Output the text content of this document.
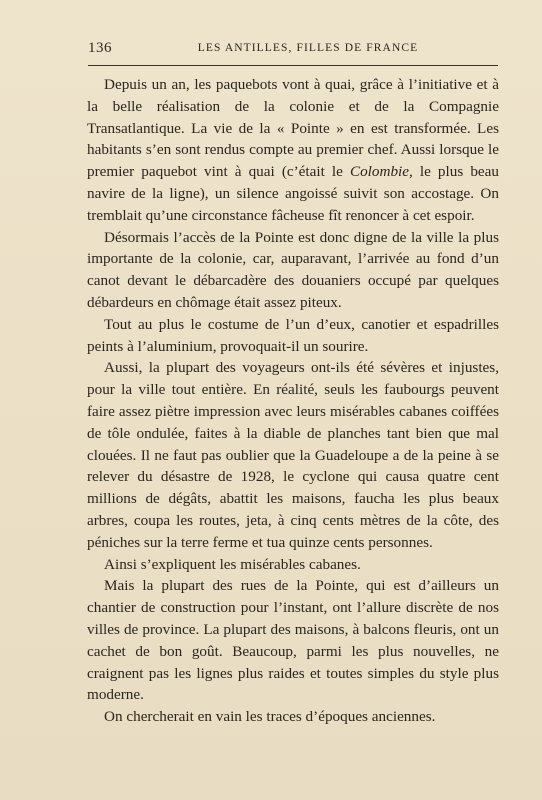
136	LES ANTILLES, FILLES DE FRANCE

Depuis un an, les paquebots vont à quai, grâce à l’initiative et à la belle réalisation de la colonie et de la Compagnie Transatlantique. La vie de la « Pointe » en est transformée. Les habitants s’en sont rendus compte au premier chef. Aussi lorsque le premier paquebot vint à quai (c’était le Colombie, le plus beau navire de la ligne), un silence angoissé suivit son accostage. On tremblait qu’une circonstance fâcheuse fît renoncer à cet espoir.

Désormais l’accès de la Pointe est donc digne de la ville la plus importante de la colonie, car, auparavant, l’arrivée au fond d’un canot devant le débarcadère des douaniers occupé par quelques débardeurs en chômage était assez piteux.

Tout au plus le costume de l’un d’eux, canotier et espadrilles peints à l’aluminium, provoquait-il un sourire.

Aussi, la plupart des voyageurs ont-ils été sévères et injustes, pour la ville tout entière. En réalité, seuls les faubourgs peuvent faire assez piètre impression avec leurs misérables cabanes coiffées de tôle ondulée, faites à la diable de planches tant bien que mal clouées. Il ne faut pas oublier que la Guadeloupe a de la peine à se relever du désastre de 1928, le cyclone qui causa quatre cent millions de dégâts, abattit les maisons, faucha les plus beaux arbres, coupa les routes, jeta, à cinq cents mètres de la côte, des péniches sur la terre ferme et tua quinze cents personnes.

Ainsi s’expliquent les misérables cabanes.

Mais la plupart des rues de la Pointe, qui est d’ailleurs un chantier de construction pour l’instant, ont l’allure discrète de nos villes de province. La plupart des maisons, à balcons fleuris, ont un cachet de bon goût. Beaucoup, parmi les plus nouvelles, ne craignent pas les lignes plus raides et toutes simples du style plus moderne.

On chercherait en vain les traces d’époques anciennes.
